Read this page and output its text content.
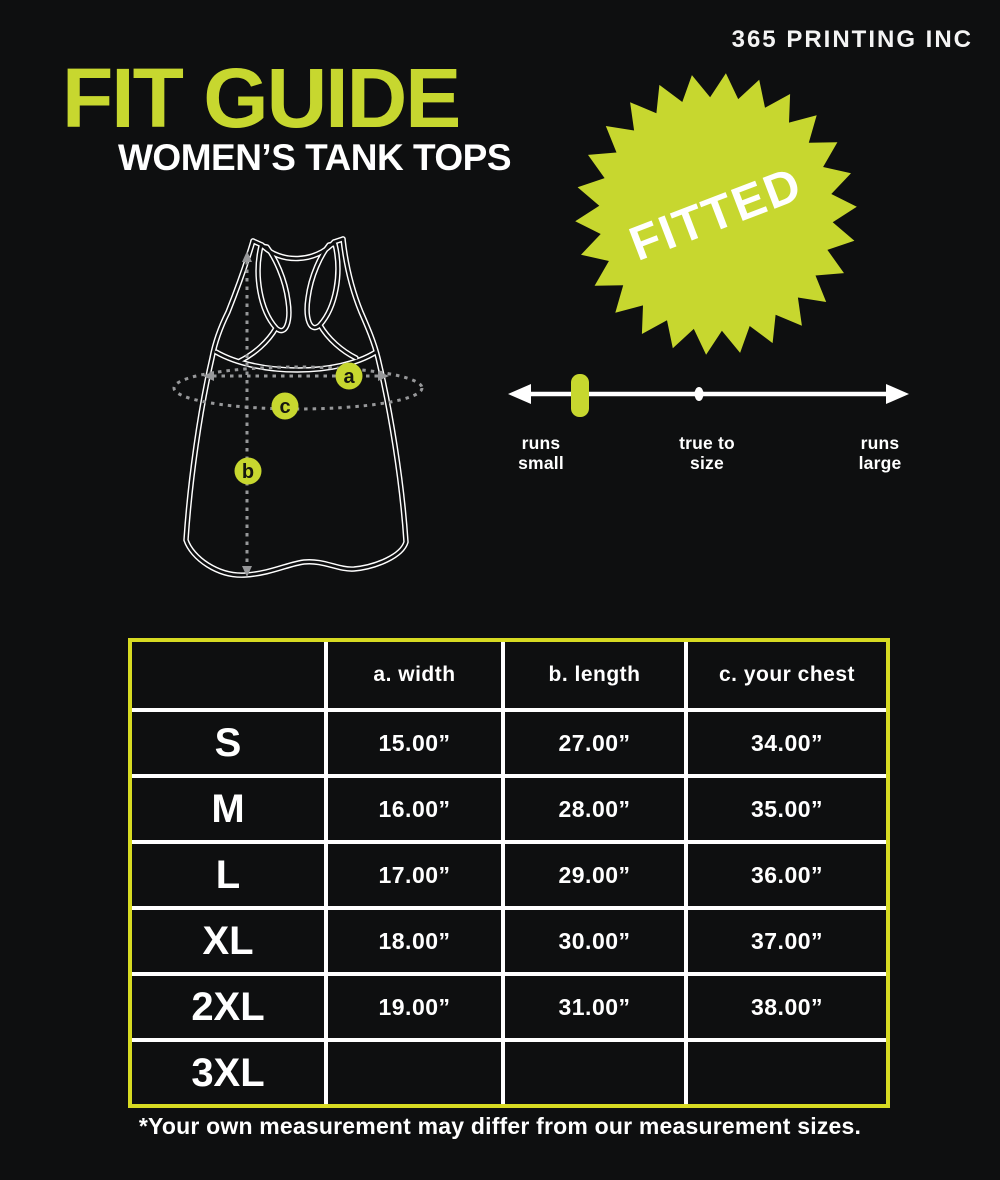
365 PRINTING INC
FIT GUIDE
WOMEN’S TANK TOPS
a
c
b
FITTED
runs
small
true to
size
runs
large
a. width	b. length	c. your chest
S	15.00”	27.00”	34.00”
M	16.00”	28.00”	35.00”
L	17.00”	29.00”	36.00”
XL	18.00”	30.00”	37.00”
2XL	19.00”	31.00”	38.00”
3XL
*Your own measurement may differ from our measurement sizes.
